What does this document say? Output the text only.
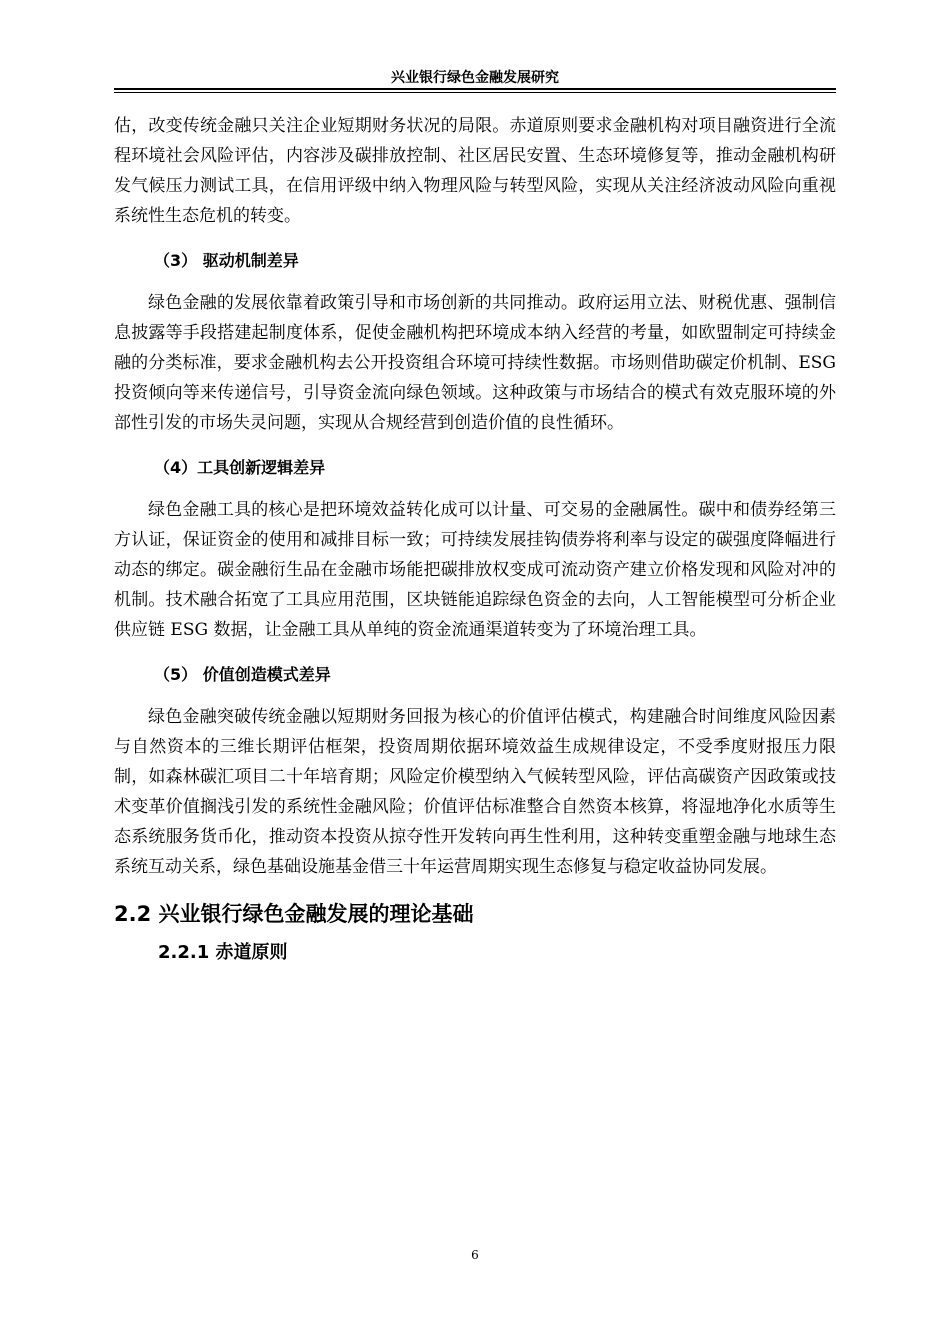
兴业银行绿色金融发展研究

估，改变传统金融只关注企业短期财务状况的局限。赤道原则要求金融机构对项目融资进行全流程环境社会风险评估，内容涉及碳排放控制、社区居民安置、生态环境修复等，推动金融机构研发气候压力测试工具，在信用评级中纳入物理风险与转型风险，实现从关注经济波动风险向重视系统性生态危机的转变。

（3） 驱动机制差异

绿色金融的发展依靠着政策引导和市场创新的共同推动。政府运用立法、财税优惠、强制信息披露等手段搭建起制度体系，促使金融机构把环境成本纳入经营的考量，如欧盟制定可持续金融的分类标准，要求金融机构去公开投资组合环境可持续性数据。市场则借助碳定价机制、ESG 投资倾向等来传递信号，引导资金流向绿色领域。这种政策与市场结合的模式有效克服环境的外部性引发的市场失灵问题，实现从合规经营到创造价值的良性循环。

（4）工具创新逻辑差异

绿色金融工具的核心是把环境效益转化成可以计量、可交易的金融属性。碳中和债券经第三方认证，保证资金的使用和减排目标一致；可持续发展挂钩债券将利率与设定的碳强度降幅进行动态的绑定。碳金融衍生品在金融市场能把碳排放权变成可流动资产建立价格发现和风险对冲的机制。技术融合拓宽了工具应用范围，区块链能追踪绿色资金的去向，人工智能模型可分析企业供应链 ESG 数据，让金融工具从单纯的资金流通渠道转变为了环境治理工具。

（5） 价值创造模式差异

绿色金融突破传统金融以短期财务回报为核心的价值评估模式，构建融合时间维度风险因素与自然资本的三维长期评估框架，投资周期依据环境效益生成规律设定，不受季度财报压力限制，如森林碳汇项目二十年培育期；风险定价模型纳入气候转型风险，评估高碳资产因政策或技术变革价值搁浅引发的系统性金融风险；价值评估标准整合自然资本核算，将湿地净化水质等生态系统服务货币化，推动资本投资从掠夺性开发转向再生性利用，这种转变重塑金融与地球生态系统互动关系，绿色基础设施基金借三十年运营周期实现生态修复与稳定收益协同发展。

2.2 兴业银行绿色金融发展的理论基础
2.2.1 赤道原则
6
